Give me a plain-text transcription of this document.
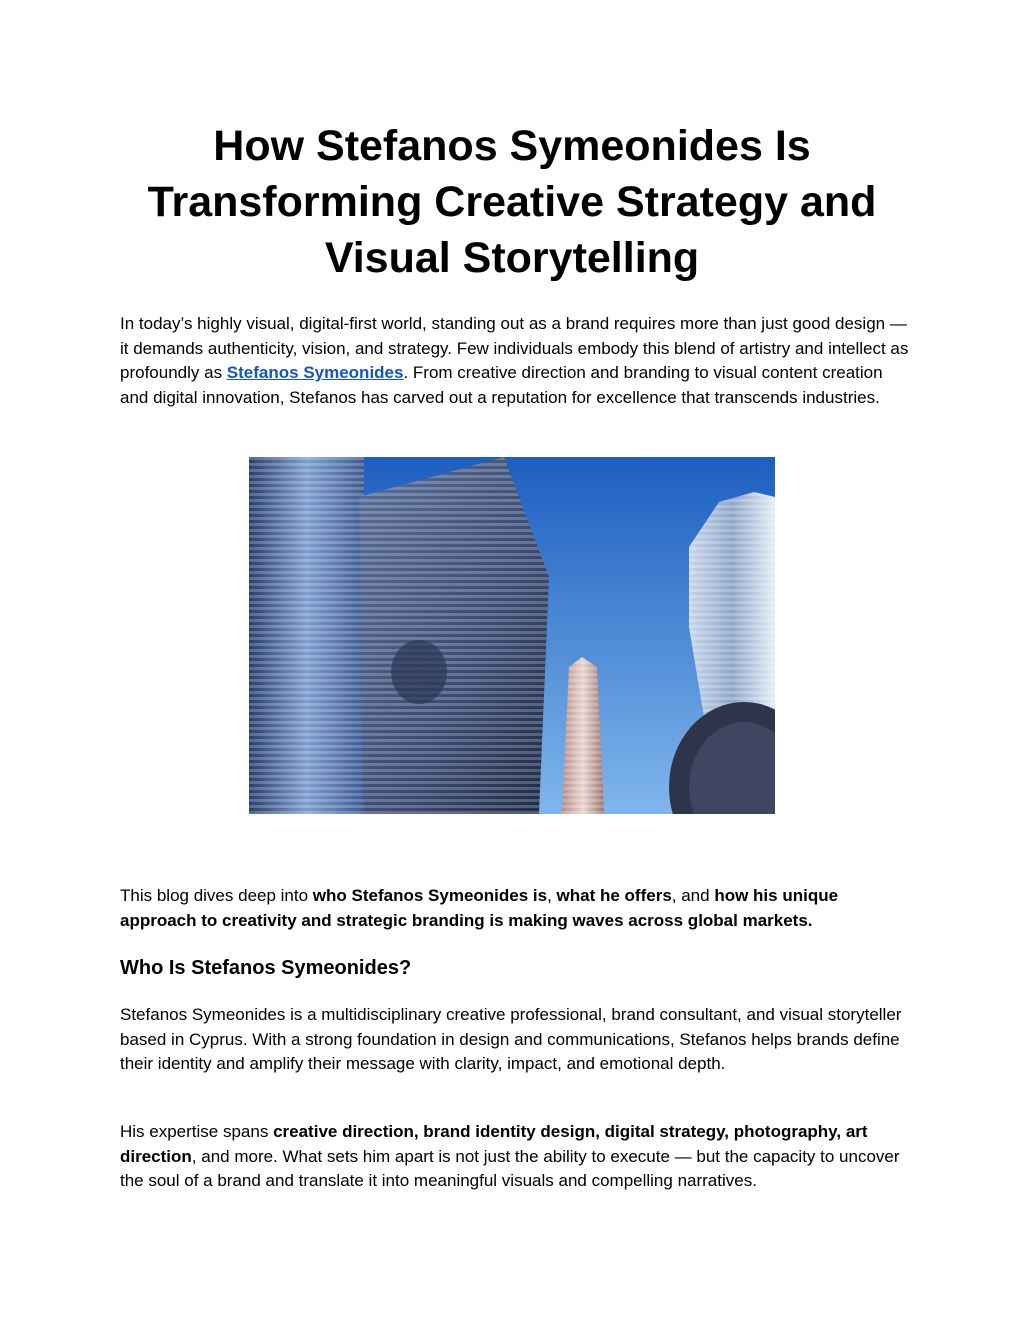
How Stefanos Symeonides Is Transforming Creative Strategy and Visual Storytelling

In today’s highly visual, digital-first world, standing out as a brand requires more than just good design — it demands authenticity, vision, and strategy. Few individuals embody this blend of artistry and intellect as profoundly as Stefanos Symeonides. From creative direction and branding to visual content creation and digital innovation, Stefanos has carved out a reputation for excellence that transcends industries.

This blog dives deep into who Stefanos Symeonides is, what he offers, and how his unique approach to creativity and strategic branding is making waves across global markets.

Who Is Stefanos Symeonides?

Stefanos Symeonides is a multidisciplinary creative professional, brand consultant, and visual storyteller based in Cyprus. With a strong foundation in design and communications, Stefanos helps brands define their identity and amplify their message with clarity, impact, and emotional depth.

His expertise spans creative direction, brand identity design, digital strategy, photography, art direction, and more. What sets him apart is not just the ability to execute — but the capacity to uncover the soul of a brand and translate it into meaningful visuals and compelling narratives.
